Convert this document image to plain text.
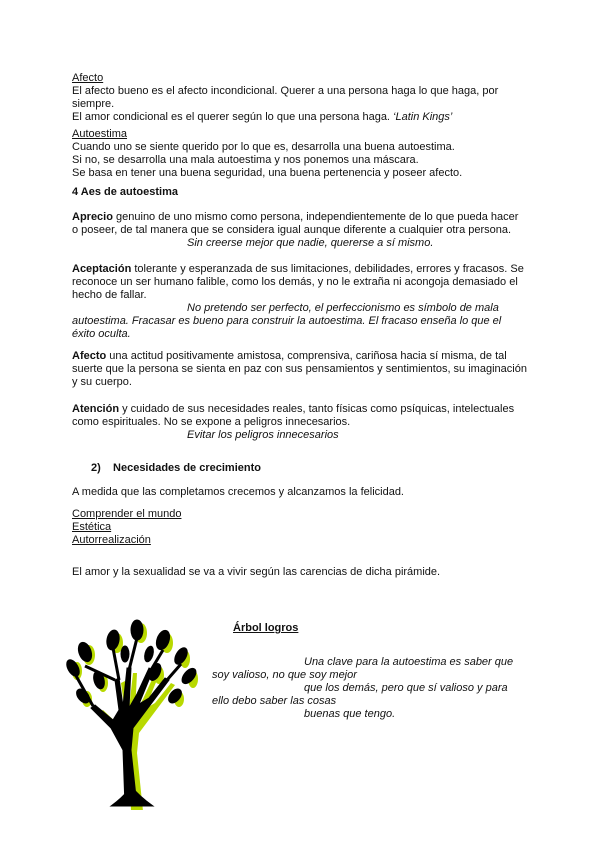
Afecto

El afecto bueno es el afecto incondicional. Querer a una persona haga lo que haga, por

siempre.

El amor condicional es el querer según lo que una persona haga. ‘Latin Kings’

Autoestima

Cuando uno se siente querido por lo que es, desarrolla una buena autoestima.

Si no, se desarrolla una mala autoestima y nos ponemos una máscara.

Se basa en tener una buena seguridad, una buena pertenencia y poseer afecto.

4 Aes de autoestima

Aprecio genuino de uno mismo como persona, independientemente de lo que pueda hacer o poseer, de tal manera que se considera igual aunque diferente a cualquier otra persona.

Sin creerse mejor que nadie, quererse a sí mismo.

Aceptación tolerante y esperanzada de sus limitaciones, debilidades, errores y fracasos. Se reconoce un ser humano falible, como los demás, y no le extraña ni acongoja demasiado el hecho de fallar.

No pretendo ser perfecto, el perfeccionismo es símbolo de mala

autoestima. Fracasar es bueno para construir la autoestima. El fracaso enseña lo que el éxito oculta.

Afecto una actitud positivamente amistosa, comprensiva, cariñosa hacia sí misma, de tal suerte que la persona se sienta en paz con sus pensamientos y sentimientos, su imaginación y su cuerpo.

Atención y cuidado de sus necesidades reales, tanto físicas como psíquicas, intelectuales como espirituales. No se expone a peligros innecesarios.

Evitar los peligros innecesarios

2) Necesidades de crecimiento

A medida que las completamos crecemos y alcanzamos la felicidad.

Comprender el mundo

Estética

Autorrealización

El amor y la sexualidad se va a vivir según las carencias de dicha pirámide.

Árbol logros

Una clave para la autoestima es saber que

soy valioso, no que soy mejor

que los demás, pero que sí valioso y para

ello debo saber las cosas

buenas que tengo.
